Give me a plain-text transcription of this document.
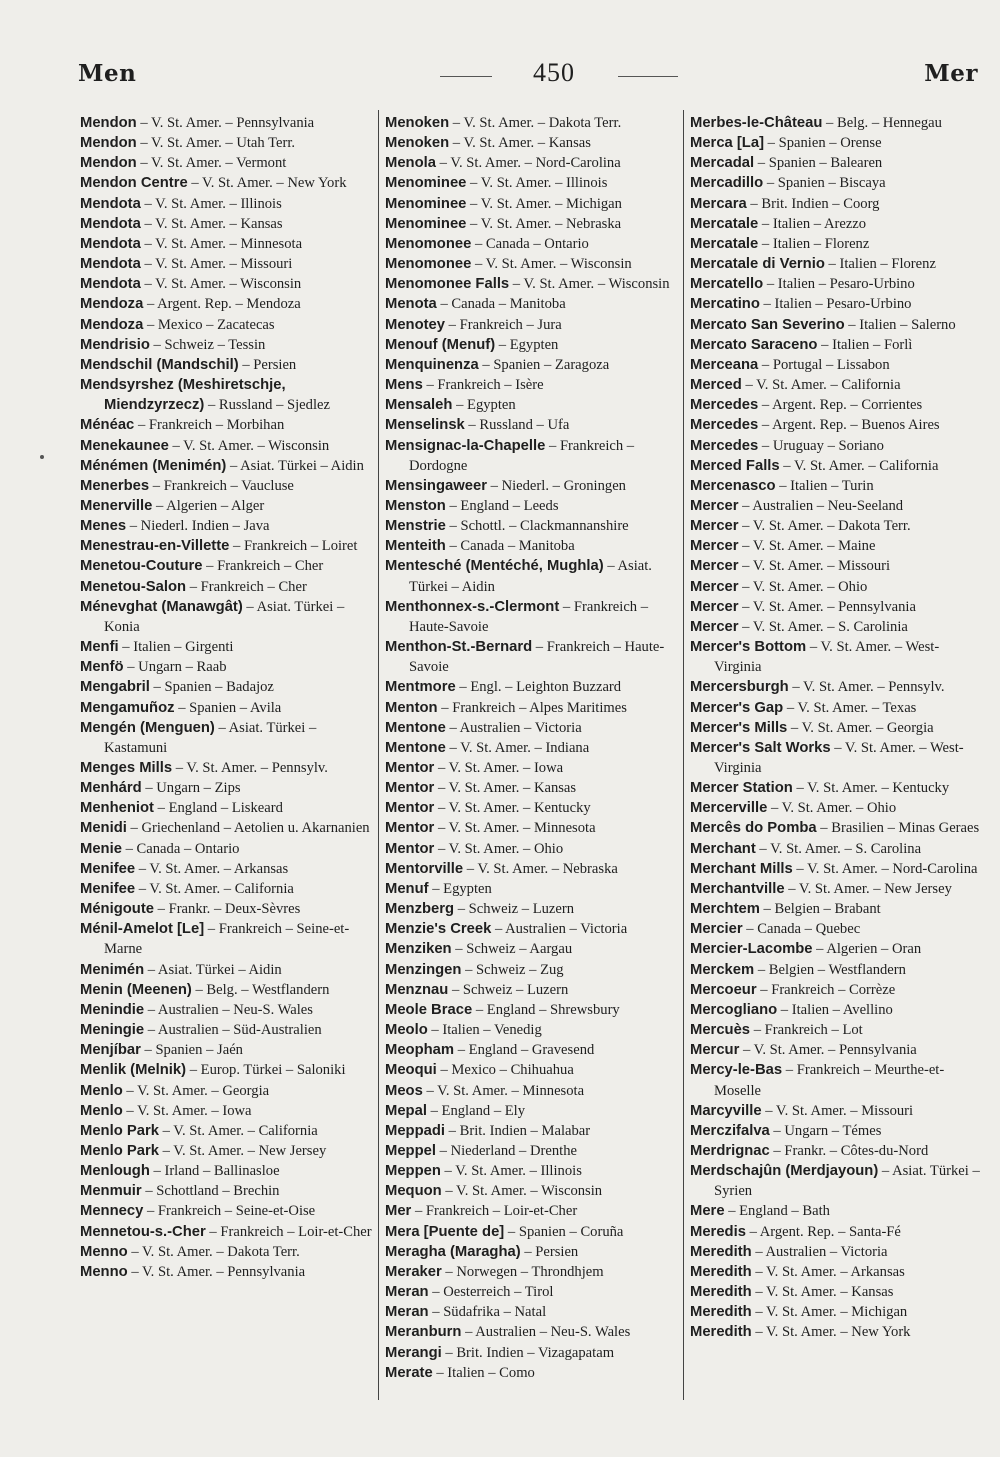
Men	450	Mer

Mendon – V. St. Amer. – Pennsylvania

Mendon – V. St. Amer. – Utah Terr.

Mendon – V. St. Amer. – Vermont

Mendon Centre – V. St. Amer. – New York

Mendota – V. St. Amer. – Illinois

Mendota – V. St. Amer. – Kansas

Mendota – V. St. Amer. – Minnesota

Mendota – V. St. Amer. – Missouri

Mendota – V. St. Amer. – Wisconsin

Mendoza – Argent. Rep. – Mendoza

Mendoza – Mexico – Zacatecas

Mendrisio – Schweiz – Tessin

Mendschil (Mandschil) – Persien

Mendsyrshez (Meshiretschje, Miendzyrzecz) – Russland – Sjedlez

Ménéac – Frankreich – Morbihan

Menekaunee – V. St. Amer. – Wisconsin

Ménémen (Menimén) – Asiat. Türkei – Aidin

Menerbes – Frankreich – Vaucluse

Menerville – Algerien – Alger

Menes – Niederl. Indien – Java

Menestrau-en-Villette – Frankreich – Loiret

Menetou-Couture – Frankreich – Cher

Menetou-Salon – Frankreich – Cher

Ménevghat (Manawgât) – Asiat. Türkei – Konia

Menfi – Italien – Girgenti

Menfö – Ungarn – Raab

Mengabril – Spanien – Badajoz

Mengamuñoz – Spanien – Avila

Mengén (Menguen) – Asiat. Türkei – Kastamuni

Menges Mills – V. St. Amer. – Pennsylv.

Menhárd – Ungarn – Zips

Menheniot – England – Liskeard

Menidi – Griechenland – Aetolien u. Akarnanien

Menie – Canada – Ontario

Menifee – V. St. Amer. – Arkansas

Menifee – V. St. Amer. – California

Ménigoute – Frankr. – Deux-Sèvres

Ménil-Amelot [Le] – Frankreich – Seine-et-Marne

Menimén – Asiat. Türkei – Aidin

Menin (Meenen) – Belg. – Westflandern

Menindie – Australien – Neu-S. Wales

Meningie – Australien – Süd-Australien

Menjíbar – Spanien – Jaén

Menlik (Melnik) – Europ. Türkei – Saloniki

Menlo – V. St. Amer. – Georgia

Menlo – V. St. Amer. – Iowa

Menlo Park – V. St. Amer. – California

Menlo Park – V. St. Amer. – New Jersey

Menlough – Irland – Ballinasloe

Menmuir – Schottland – Brechin

Mennecy – Frankreich – Seine-et-Oise

Mennetou-s.-Cher – Frankreich – Loir-et-Cher

Menno – V. St. Amer. – Dakota Terr.

Menno – V. St. Amer. – Pennsylvania

Menoken – V. St. Amer. – Dakota Terr.

Menoken – V. St. Amer. – Kansas

Menola – V. St. Amer. – Nord-Carolina

Menominee – V. St. Amer. – Illinois

Menominee – V. St. Amer. – Michigan

Menominee – V. St. Amer. – Nebraska

Menomonee – Canada – Ontario

Menomonee – V. St. Amer. – Wisconsin

Menomonee Falls – V. St. Amer. – Wisconsin

Menota – Canada – Manitoba

Menotey – Frankreich – Jura

Menouf (Menuf) – Egypten

Menquinenza – Spanien – Zaragoza

Mens – Frankreich – Isère

Mensaleh – Egypten

Menselinsk – Russland – Ufa

Mensignac-la-Chapelle – Frankreich – Dordogne

Mensingaweer – Niederl. – Groningen

Menston – England – Leeds

Menstrie – Schottl. – Clackmannanshire

Menteith – Canada – Manitoba

Mentesché (Mentéché, Mughla) – Asiat. Türkei – Aidin

Menthonnex-s.-Clermont – Frankreich – Haute-Savoie

Menthon-St.-Bernard – Frankreich – Haute-Savoie

Mentmore – Engl. – Leighton Buzzard

Menton – Frankreich – Alpes Maritimes

Mentone – Australien – Victoria

Mentone – V. St. Amer. – Indiana

Mentor – V. St. Amer. – Iowa

Mentor – V. St. Amer. – Kansas

Mentor – V. St. Amer. – Kentucky

Mentor – V. St. Amer. – Minnesota

Mentor – V. St. Amer. – Ohio

Mentorville – V. St. Amer. – Nebraska

Menuf – Egypten

Menzberg – Schweiz – Luzern

Menzie's Creek – Australien – Victoria

Menziken – Schweiz – Aargau

Menzingen – Schweiz – Zug

Menznau – Schweiz – Luzern

Meole Brace – England – Shrewsbury

Meolo – Italien – Venedig

Meopham – England – Gravesend

Meoqui – Mexico – Chihuahua

Meos – V. St. Amer. – Minnesota

Mepal – England – Ely

Meppadi – Brit. Indien – Malabar

Meppel – Niederland – Drenthe

Meppen – V. St. Amer. – Illinois

Mequon – V. St. Amer. – Wisconsin

Mer – Frankreich – Loir-et-Cher

Mera [Puente de] – Spanien – Coruña

Meragha (Maragha) – Persien

Meraker – Norwegen – Throndhjem

Meran – Oesterreich – Tirol

Meran – Südafrika – Natal

Meranburn – Australien – Neu-S. Wales

Merangi – Brit. Indien – Vizagapatam

Merate – Italien – Como

Merbes-le-Château – Belg. – Hennegau

Merca [La] – Spanien – Orense

Mercadal – Spanien – Balearen

Mercadillo – Spanien – Biscaya

Mercara – Brit. Indien – Coorg

Mercatale – Italien – Arezzo

Mercatale – Italien – Florenz

Mercatale di Vernio – Italien – Florenz

Mercatello – Italien – Pesaro-Urbino

Mercatino – Italien – Pesaro-Urbino

Mercato San Severino – Italien – Salerno

Mercato Saraceno – Italien – Forlì

Merceana – Portugal – Lissabon

Merced – V. St. Amer. – California

Mercedes – Argent. Rep. – Corrientes

Mercedes – Argent. Rep. – Buenos Aires

Mercedes – Uruguay – Soriano

Merced Falls – V. St. Amer. – California

Mercenasco – Italien – Turin

Mercer – Australien – Neu-Seeland

Mercer – V. St. Amer. – Dakota Terr.

Mercer – V. St. Amer. – Maine

Mercer – V. St. Amer. – Missouri

Mercer – V. St. Amer. – Ohio

Mercer – V. St. Amer. – Pennsylvania

Mercer – V. St. Amer. – S. Carolinia

Mercer's Bottom – V. St. Amer. – West-Virginia

Mercersburgh – V. St. Amer. – Pennsylv.

Mercer's Gap – V. St. Amer. – Texas

Mercer's Mills – V. St. Amer. – Georgia

Mercer's Salt Works – V. St. Amer. – West-Virginia

Mercer Station – V. St. Amer. – Kentucky

Mercerville – V. St. Amer. – Ohio

Mercês do Pomba – Brasilien – Minas Geraes

Merchant – V. St. Amer. – S. Carolina

Merchant Mills – V. St. Amer. – Nord-Carolina

Merchantville – V. St. Amer. – New Jersey

Merchtem – Belgien – Brabant

Mercier – Canada – Quebec

Mercier-Lacombe – Algerien – Oran

Merckem – Belgien – Westflandern

Mercoeur – Frankreich – Corrèze

Mercogliano – Italien – Avellino

Mercuès – Frankreich – Lot

Mercur – V. St. Amer. – Pennsylvania

Mercy-le-Bas – Frankreich – Meurthe-et-Moselle

Marcyville – V. St. Amer. – Missouri

Merczifalva – Ungarn – Témes

Merdrignac – Frankr. – Côtes-du-Nord

Merdschajûn (Merdjayoun) – Asiat. Türkei – Syrien

Mere – England – Bath

Meredis – Argent. Rep. – Santa-Fé

Meredith – Australien – Victoria

Meredith – V. St. Amer. – Arkansas

Meredith – V. St. Amer. – Kansas

Meredith – V. St. Amer. – Michigan

Meredith – V. St. Amer. – New York
